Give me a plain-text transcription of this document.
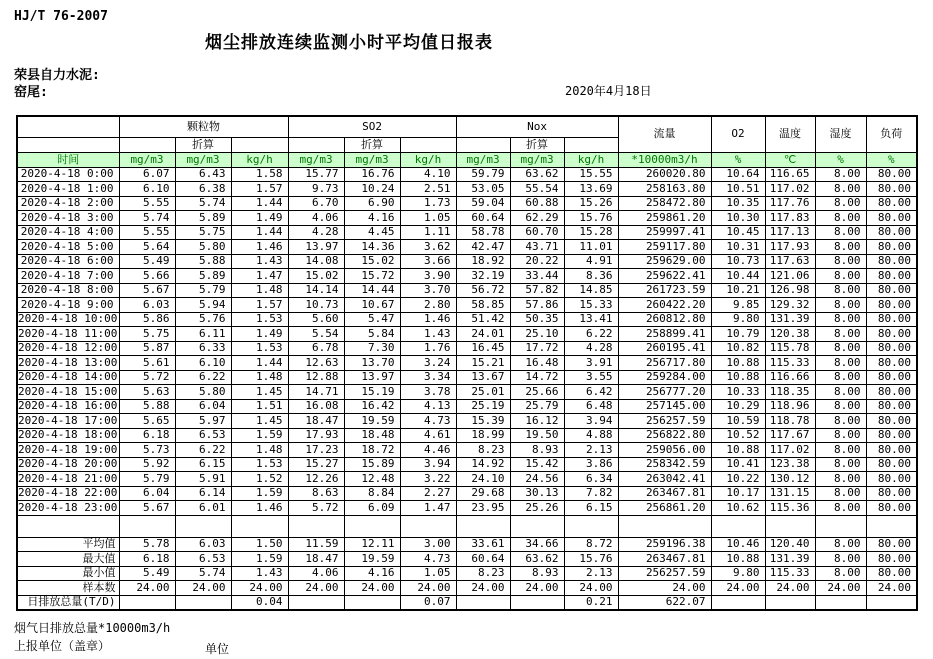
HJ/T 76-2007
烟尘排放连续监测小时平均值日报表
荣县自力水泥:
窑尾:	2020年4月18日
	颗粒物			SO2			Nox			流量	O2	温度	湿度	负荷
		折算			折算			折算						
时间	mg/m3	mg/m3	kg/h	mg/m3	mg/m3	kg/h	mg/m3	mg/m3	kg/h	*10000m3/h	%	℃	%	%
2020-4-18 0:00	6.07	6.43	1.58	15.77	16.76	4.10	59.79	63.62	15.55	260020.80	10.64	116.65	8.00	80.00
2020-4-18 1:00	6.10	6.38	1.57	9.73	10.24	2.51	53.05	55.54	13.69	258163.80	10.51	117.02	8.00	80.00
2020-4-18 2:00	5.55	5.74	1.44	6.70	6.90	1.73	59.04	60.88	15.26	258472.80	10.35	117.76	8.00	80.00
2020-4-18 3:00	5.74	5.89	1.49	4.06	4.16	1.05	60.64	62.29	15.76	259861.20	10.30	117.83	8.00	80.00
2020-4-18 4:00	5.55	5.75	1.44	4.28	4.45	1.11	58.78	60.70	15.28	259997.41	10.45	117.13	8.00	80.00
2020-4-18 5:00	5.64	5.80	1.46	13.97	14.36	3.62	42.47	43.71	11.01	259117.80	10.31	117.93	8.00	80.00
2020-4-18 6:00	5.49	5.88	1.43	14.08	15.02	3.66	18.92	20.22	4.91	259629.00	10.73	117.63	8.00	80.00
2020-4-18 7:00	5.66	5.89	1.47	15.02	15.72	3.90	32.19	33.44	8.36	259622.41	10.44	121.06	8.00	80.00
2020-4-18 8:00	5.67	5.79	1.48	14.14	14.44	3.70	56.72	57.82	14.85	261723.59	10.21	126.98	8.00	80.00
2020-4-18 9:00	6.03	5.94	1.57	10.73	10.67	2.80	58.85	57.86	15.33	260422.20	9.85	129.32	8.00	80.00
2020-4-18 10:00	5.86	5.76	1.53	5.60	5.47	1.46	51.42	50.35	13.41	260812.80	9.80	131.39	8.00	80.00
2020-4-18 11:00	5.75	6.11	1.49	5.54	5.84	1.43	24.01	25.10	6.22	258899.41	10.79	120.38	8.00	80.00
2020-4-18 12:00	5.87	6.33	1.53	6.78	7.30	1.76	16.45	17.72	4.28	260195.41	10.82	115.78	8.00	80.00
2020-4-18 13:00	5.61	6.10	1.44	12.63	13.70	3.24	15.21	16.48	3.91	256717.80	10.88	115.33	8.00	80.00
2020-4-18 14:00	5.72	6.22	1.48	12.88	13.97	3.34	13.67	14.72	3.55	259284.00	10.88	116.66	8.00	80.00
2020-4-18 15:00	5.63	5.80	1.45	14.71	15.19	3.78	25.01	25.66	6.42	256777.20	10.33	118.35	8.00	80.00
2020-4-18 16:00	5.88	6.04	1.51	16.08	16.42	4.13	25.19	25.79	6.48	257145.00	10.29	118.96	8.00	80.00
2020-4-18 17:00	5.65	5.97	1.45	18.47	19.59	4.73	15.39	16.12	3.94	256257.59	10.59	118.78	8.00	80.00
2020-4-18 18:00	6.18	6.53	1.59	17.93	18.48	4.61	18.99	19.50	4.88	256822.80	10.52	117.67	8.00	80.00
2020-4-18 19:00	5.73	6.22	1.48	17.23	18.72	4.46	8.23	8.93	2.13	259056.00	10.88	117.02	8.00	80.00
2020-4-18 20:00	5.92	6.15	1.53	15.27	15.89	3.94	14.92	15.42	3.86	258342.59	10.41	123.38	8.00	80.00
2020-4-18 21:00	5.79	5.91	1.52	12.26	12.48	3.22	24.10	24.56	6.34	263042.41	10.22	130.12	8.00	80.00
2020-4-18 22:00	6.04	6.14	1.59	8.63	8.84	2.27	29.68	30.13	7.82	263467.81	10.17	131.15	8.00	80.00
2020-4-18 23:00	5.67	6.01	1.46	5.72	6.09	1.47	23.95	25.26	6.15	256861.20	10.62	115.36	8.00	80.00

平均值	5.78	6.03	1.50	11.59	12.11	3.00	33.61	34.66	8.72	259196.38	10.46	120.40	8.00	80.00
最大值	6.18	6.53	1.59	18.47	19.59	4.73	60.64	63.62	15.76	263467.81	10.88	131.39	8.00	80.00
最小值	5.49	5.74	1.43	4.06	4.16	1.05	8.23	8.93	2.13	256257.59	9.80	115.33	8.00	80.00
样本数	24.00	24.00	24.00	24.00	24.00	24.00	24.00	24.00	24.00	24.00	24.00	24.00	24.00	24.00
日排放总量(T/D)			0.04			0.07			0.21	622.07				
烟气日排放总量*10000m3/h
上报单位（盖章）	单位
